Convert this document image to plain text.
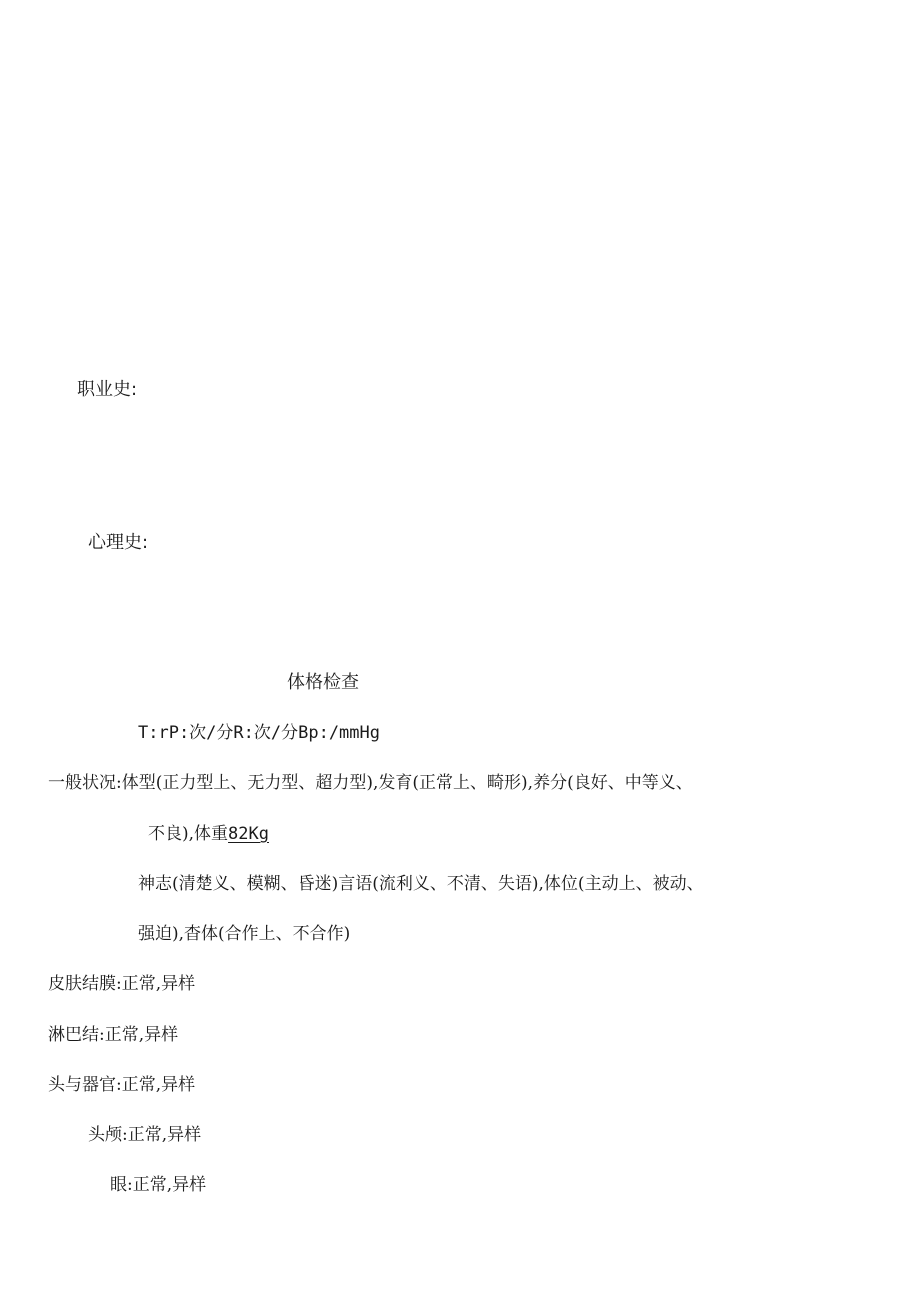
职业史:
心理史:
体格检查
T:rP:次/分R:次/分Bp:/mmHg
一般状况:体型(正力型上、无力型、超力型),发育(正常上、畸形),养分(良好、中等义、
不良),体重82Kg
神志(清楚义、模糊、昏迷)言语(流利义、不清、失语),体位(主动上、被动、
强迫),杳体(合作上、不合作)
皮肤结膜:正常,异样
淋巴结:正常,异样
头与器官:正常,异样
头颅:正常,异样
眼:正常,异样
